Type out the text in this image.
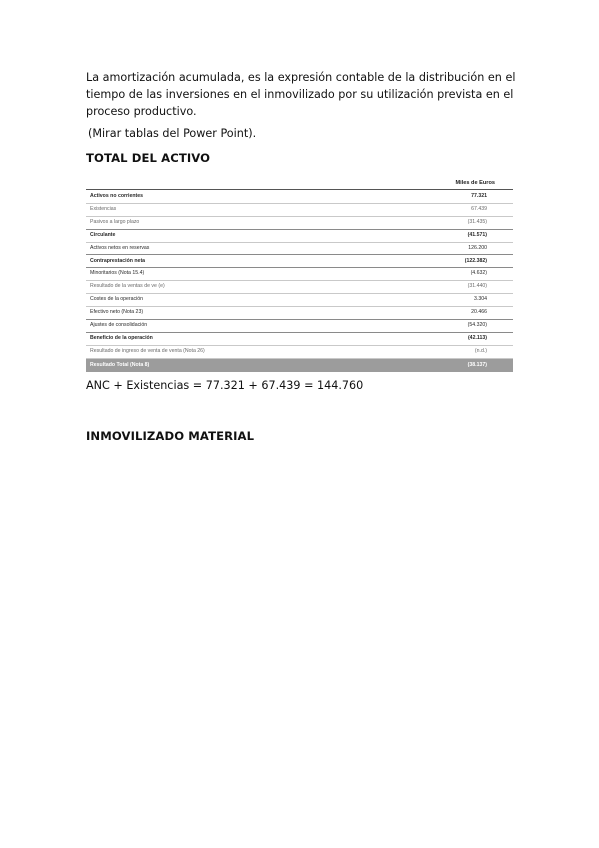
La amortización acumulada, es la expresión contable de la distribución en el tiempo de las inversiones en el inmovilizado por su utilización prevista en el proceso productivo.

(Mirar tablas del Power Point).

TOTAL DEL ACTIVO
Miles de Euros
Activos no corrientes	77.321
Existencias	67.439
Pasivos a largo plazo	(31.435)
Circulante	(41.571)
Activos netos en reservas	126.200
Contraprestación neta	(122.382)
Minoritarios (Nota 15.4)	(4.632)
Resultado de la ventas de ve (e)	(31.440)
Costes de la operación	3.304
Efectivo neto (Nota 23)	20.466
Ajustes de consolidación	(54.320)
Beneficio de la operación	(42.113)
Resultado de ingreso de venta de venta (Nota 26)	(n.d.)
Resultado Total (Nota 8)	(38.137)

ANC + Existencias = 77.321 + 67.439 = 144.760

INMOVILIZADO MATERIAL
